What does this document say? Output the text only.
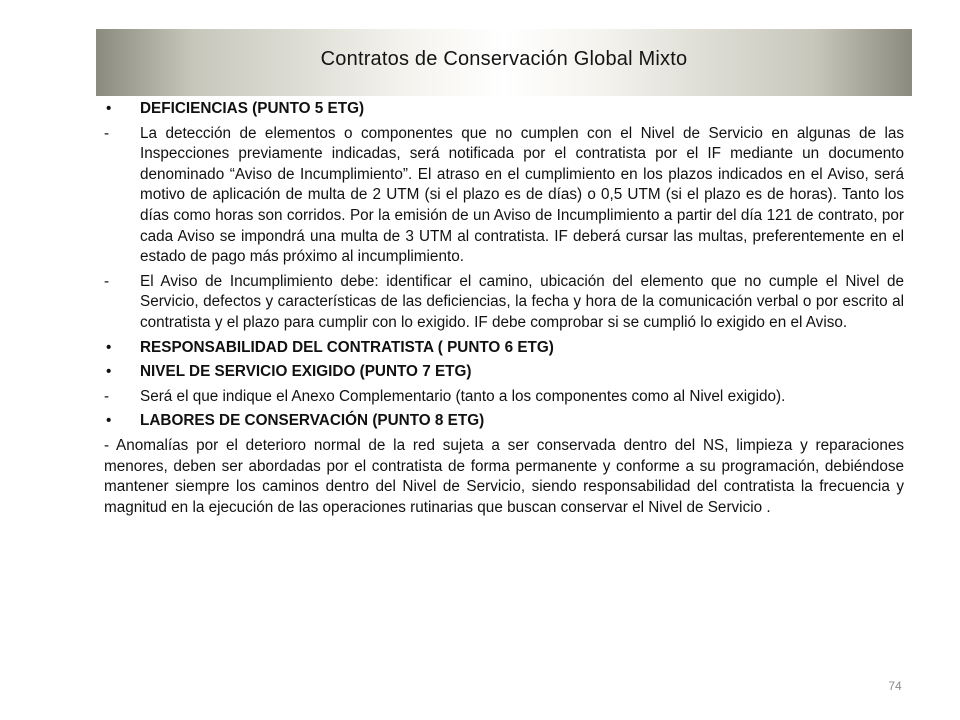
Contratos de Conservación Global Mixto
• DEFICIENCIAS (PUNTO 5 ETG)
- La detección de elementos o componentes que no cumplen con el Nivel de Servicio en algunas de las Inspecciones previamente indicadas, será notificada por el contratista por el IF mediante un documento denominado “Aviso de Incumplimiento”. El atraso en el cumplimiento en los plazos indicados en el Aviso, será motivo de aplicación de multa de 2 UTM (si el plazo es de días) o 0,5 UTM (si el plazo es de horas). Tanto los días como horas son corridos. Por la emisión de un Aviso de Incumplimiento a partir del día 121 de contrato, por cada Aviso se impondrá una multa de 3 UTM al contratista. IF deberá cursar las multas, preferentemente en el estado de pago más próximo al incumplimiento.
- El Aviso de Incumplimiento debe: identificar el camino, ubicación del elemento que no cumple el Nivel de Servicio, defectos y características de las deficiencias, la fecha y hora de la comunicación verbal o por escrito al contratista y el plazo para cumplir con lo exigido. IF debe comprobar si se cumplió lo exigido en el Aviso.
• RESPONSABILIDAD DEL CONTRATISTA ( PUNTO 6 ETG)
• NIVEL DE SERVICIO EXIGIDO (PUNTO 7 ETG)
- Será el que indique el Anexo Complementario (tanto a los componentes como al Nivel exigido).
• LABORES DE CONSERVACIÓN (PUNTO 8 ETG)
- Anomalías por el deterioro normal de la red sujeta a ser conservada dentro del NS, limpieza y reparaciones menores, deben ser abordadas por el contratista de forma permanente y conforme a su programación, debiéndose mantener siempre los caminos dentro del Nivel de Servicio, siendo responsabilidad del contratista la frecuencia y magnitud en la ejecución de las operaciones rutinarias que buscan conservar el Nivel de Servicio .
74
